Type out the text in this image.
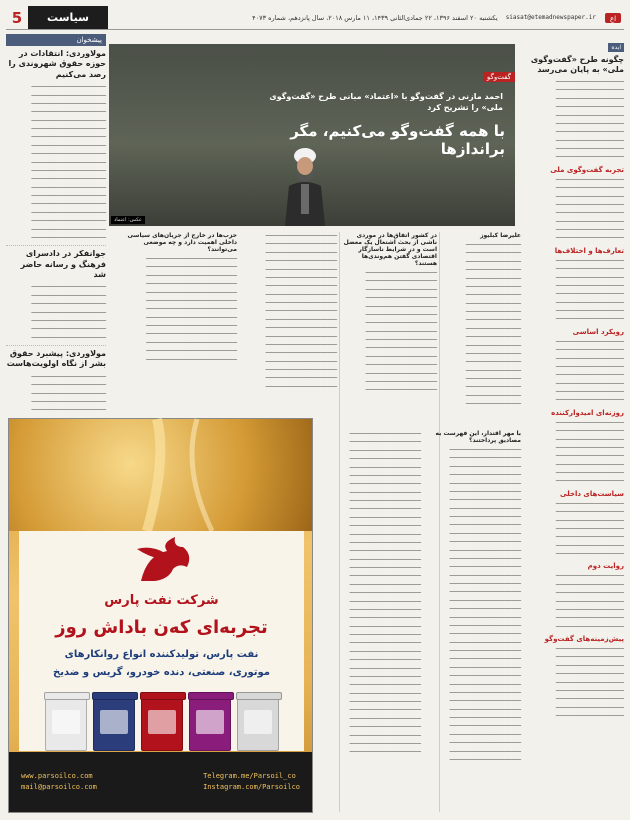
5	سیاست	siasat@etemadnewspaper.ir
یکشنبه ۲۰ اسفند ۱۳۹۶، ۲۲ جمادی‌الثانی ۱۴۳۹، ۱۱ مارس ۲۰۱۸، سال پانزدهم، شماره ۴۰۷۳	اع
ایده
چگونه طرح «گفت‌وگوی ملی» به پایان می‌رسد
─────────────────────
─────────────────────
─────────────────────
─────────────────────
─────────────────────
─────────────────────
─────────────────────
─────────────────────
─────────────────────
─────────────────────
تجربه گفت‌وگوی ملی
─────────────────────
─────────────────────
─────────────────────
─────────────────────
─────────────────────
─────────────────────
─────────────────────
─────────────────────
تعارف‌ها و اختلاف‌ها
─────────────────────
─────────────────────
─────────────────────
─────────────────────
─────────────────────
─────────────────────
─────────────────────
─────────────────────
رویکرد اساسی
─────────────────────
─────────────────────
─────────────────────
─────────────────────
─────────────────────
─────────────────────
─────────────────────
─────────────────────
روزنه‌ای امیدوارکننده
─────────────────────
─────────────────────
─────────────────────
─────────────────────
─────────────────────
─────────────────────
─────────────────────
─────────────────────
سیاست‌های داخلی
─────────────────────
─────────────────────
─────────────────────
─────────────────────
─────────────────────
─────────────────────
─────────────────────
روایت دوم
─────────────────────
─────────────────────
─────────────────────
─────────────────────
─────────────────────
─────────────────────
─────────────────────
پیش‌زمینه‌های گفت‌وگو
─────────────────────
─────────────────────
─────────────────────
─────────────────────
─────────────────────
─────────────────────
─────────────────────
─────────────────────
─────────────────────
پیشخوان
مولاوردی: انتقادات در حوزه حقوق شهروندی را رصد می‌کنیم
───────────────────────
───────────────────────
───────────────────────
───────────────────────
───────────────────────
───────────────────────
───────────────────────
───────────────────────
───────────────────────
───────────────────────
───────────────────────
───────────────────────
───────────────────────
───────────────────────
───────────────────────
───────────────────────
───────────────────────
───────────────────────
───────────────────────
جوانفکر در دادسرای فرهنگ و رسانه حاضر شد
───────────────────────
───────────────────────
───────────────────────
───────────────────────
───────────────────────
───────────────────────
───────────────────────
مولاوردی: پیشبرد حقوق بشر از نگاه اولویت‌هاست
───────────────────────
───────────────────────
───────────────────────
───────────────────────
───────────────────────

گفت‌وگو
احمد مازنی در گفت‌وگو با «اعتماد» مبانی طرح «گفت‌وگوی ملی» را تشریح کرد
با همه گفت‌وگو می‌کنیم، مگر براندازها
عکس: اعتماد
علیرضا کبلیوز
─────────────────
─────────────────
─────────────────
─────────────────
─────────────────
─────────────────
─────────────────
─────────────────
─────────────────
─────────────────
─────────────────
─────────────────
─────────────────
─────────────────
─────────────────
─────────────────
─────────────────
─────────────────
─────────────────
─────────────────
در کشور اتفاق‌ها در موردی ناشی از بحث اشتغال یک معضل است و در شرایط ناسازگار اقتصادی گفتن هم‌وندی‌ها هستند؟
──────────────────────
──────────────────────
──────────────────────
──────────────────────
──────────────────────
──────────────────────
──────────────────────
──────────────────────
──────────────────────
──────────────────────
──────────────────────
──────────────────────
──────────────────────
──────────────────────
──────────────────────
──────────────────────
──────────────────────
──────────────────────
──────────────────────
──────────────────────
──────────────────────
──────────────────────
──────────────────────
──────────────────────
──────────────────────
──────────────────────
──────────────────────
──────────────────────
──────────────────────
──────────────────────
──────────────────────
──────────────────────
──────────────────────
──────────────────────
حزب‌ها در خارج از جریان‌های سیاسی داخلی اهمیت دارد و چه موضعی می‌توانند؟
────────────────────────────
────────────────────────────
────────────────────────────
────────────────────────────
────────────────────────────
────────────────────────────
────────────────────────────
────────────────────────────
────────────────────────────
────────────────────────────
────────────────────────────
────────────────────────────
────────────────────────────
با مهر اقتدار، این فهرست به مصادیق پرداختند؟
──────────────────────
──────────────────────
──────────────────────
──────────────────────
──────────────────────
──────────────────────
──────────────────────
──────────────────────
──────────────────────
──────────────────────
──────────────────────
──────────────────────
──────────────────────
──────────────────────
──────────────────────
──────────────────────
──────────────────────
──────────────────────
──────────────────────
──────────────────────
──────────────────────
──────────────────────
──────────────────────
──────────────────────
──────────────────────
──────────────────────
──────────────────────
──────────────────────
──────────────────────
──────────────────────
──────────────────────
──────────────────────
──────────────────────
──────────────────────
──────────────────────
──────────────────────
──────────────────────
──────────────────────
──────────────────────
──────────────────────
──────────────────────
──────────────────────
──────────────────────
──────────────────────
──────────────────────
──────────────────────
──────────────────────
──────────────────────
──────────────────────
──────────────────────
──────────────────────
──────────────────────
──────────────────────
──────────────────────
──────────────────────
──────────────────────
──────────────────────
──────────────────────
──────────────────────
──────────────────────
──────────────────────
──────────────────────
──────────────────────
──────────────────────
──────────────────────
──────────────────────
──────────────────────
──────────────────────
──────────────────────
──────────────────────
──────────────────────
──────────────────────
──────────────────────
──────────────────────
──────────────────────
──────────────────────
──────────────────────
شرکت نفت پارس
تجربه‌ای که‌ن باداش روز
نفت پارس، تولیدکننده انواع روانکارهای
موتوری، صنعتی، دنده خودرو، گریس و ضدیخ
www.parsoilco.com
mail@parsoilco.com
Telegram.me/Parsoil_co
Instagram.com/Parsoilco
